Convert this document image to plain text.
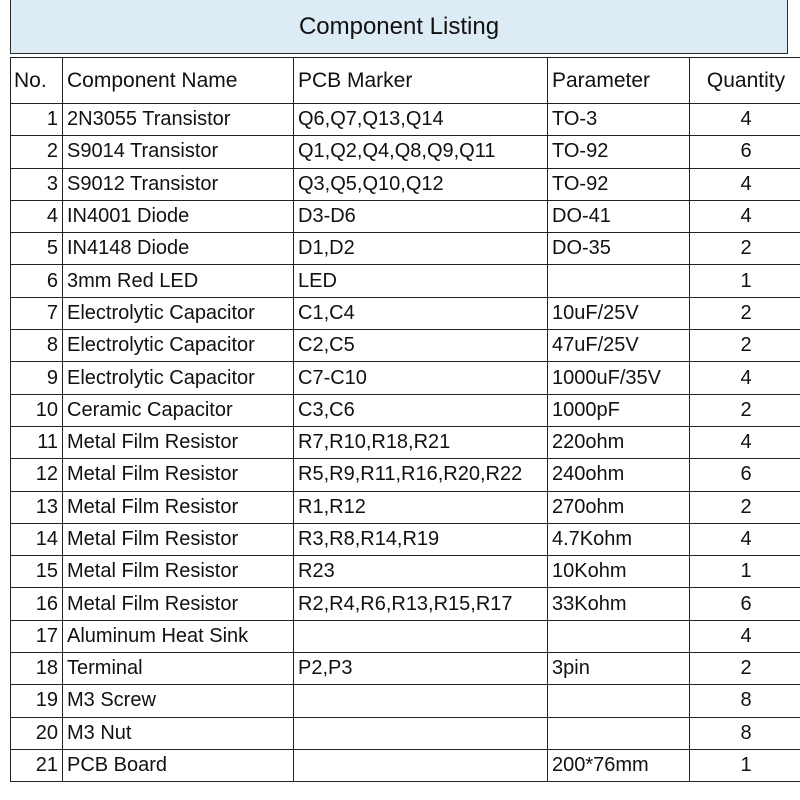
Component Listing
No.	Component Name	PCB Marker	Parameter	Quantity
1	2N3055 Transistor	Q6,Q7,Q13,Q14	TO-3	4
2	S9014 Transistor	Q1,Q2,Q4,Q8,Q9,Q11	TO-92	6
3	S9012 Transistor	Q3,Q5,Q10,Q12	TO-92	4
4	IN4001 Diode	D3-D6	DO-41	4
5	IN4148 Diode	D1,D2	DO-35	2
6	3mm Red LED	LED		1
7	Electrolytic Capacitor	C1,C4	10uF/25V	2
8	Electrolytic Capacitor	C2,C5	47uF/25V	2
9	Electrolytic Capacitor	C7-C10	1000uF/35V	4
10	Ceramic Capacitor	C3,C6	1000pF	2
11	Metal Film Resistor	R7,R10,R18,R21	220ohm	4
12	Metal Film Resistor	R5,R9,R11,R16,R20,R22	240ohm	6
13	Metal Film Resistor	R1,R12	270ohm	2
14	Metal Film Resistor	R3,R8,R14,R19	4.7Kohm	4
15	Metal Film Resistor	R23	10Kohm	1
16	Metal Film Resistor	R2,R4,R6,R13,R15,R17	33Kohm	6
17	Aluminum Heat Sink			4
18	Terminal	P2,P3	3pin	2
19	M3 Screw			8
20	M3 Nut			8
21	PCB Board		200*76mm	1
